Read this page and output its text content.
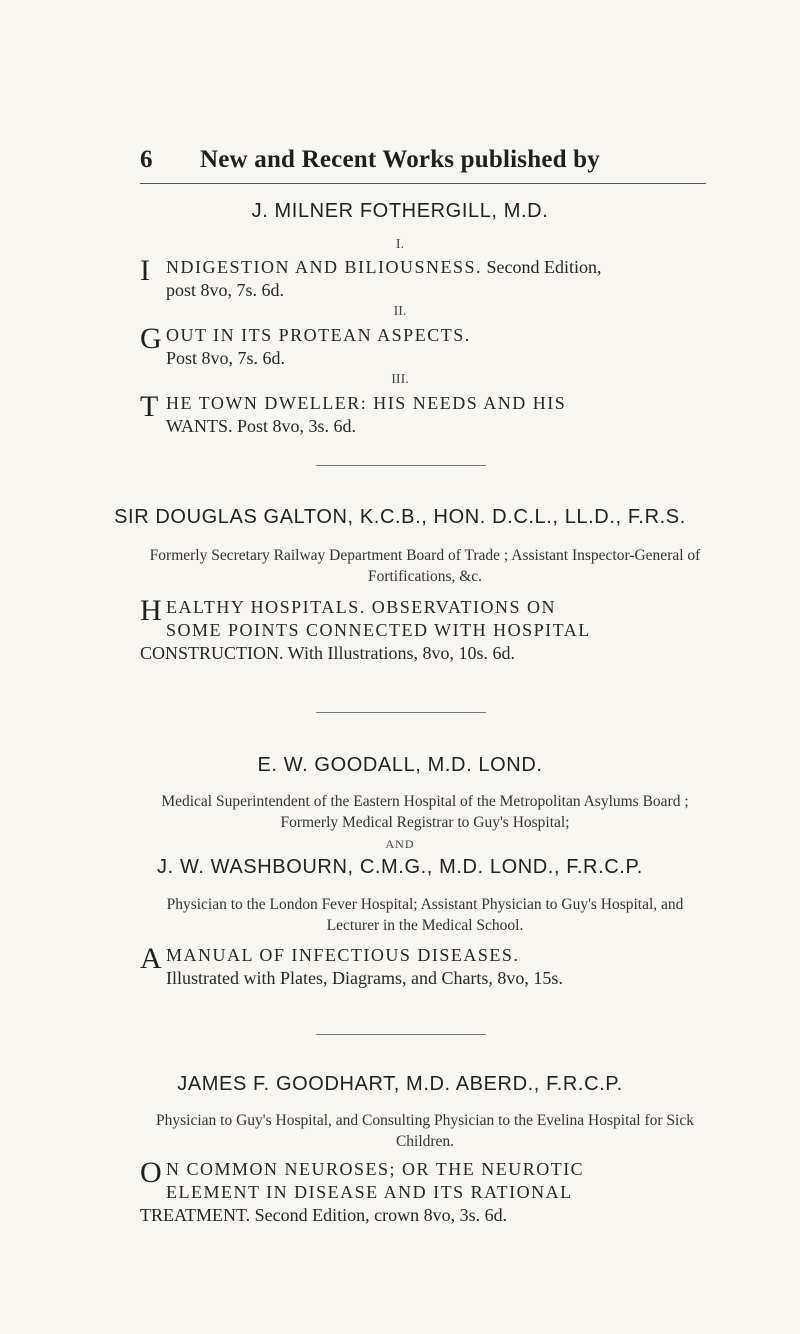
6 New and Recent Works published by
J. MILNER FOTHERGILL, M.D.
I.
I NDIGESTION AND BILIOUSNESS. Second Edition,
post 8vo, 7s. 6d.
II.
G OUT IN ITS PROTEAN ASPECTS.
Post 8vo, 7s. 6d.
III.
T HE TOWN DWELLER: HIS NEEDS AND HIS
WANTS. Post 8vo, 3s. 6d.
SIR DOUGLAS GALTON, K.C.B., HON. D.C.L., LL.D., F.R.S.
Formerly Secretary Railway Department Board of Trade ; Assistant Inspector-General of Fortifications, &c.
H EALTHY HOSPITALS. OBSERVATIONS ON
SOME POINTS CONNECTED WITH HOSPITAL
CONSTRUCTION. With Illustrations, 8vo, 10s. 6d.
E. W. GOODALL, M.D. LOND.
Medical Superintendent of the Eastern Hospital of the Metropolitan Asylums Board ; Formerly Medical Registrar to Guy's Hospital;
AND
J. W. WASHBOURN, C.M.G., M.D. LOND., F.R.C.P.
Physician to the London Fever Hospital; Assistant Physician to Guy's Hospital, and Lecturer in the Medical School.
A MANUAL OF INFECTIOUS DISEASES.
Illustrated with Plates, Diagrams, and Charts, 8vo, 15s.
JAMES F. GOODHART, M.D. ABERD., F.R.C.P.
Physician to Guy's Hospital, and Consulting Physician to the Evelina Hospital for Sick Children.
O N COMMON NEUROSES; OR THE NEUROTIC
ELEMENT IN DISEASE AND ITS RATIONAL
TREATMENT. Second Edition, crown 8vo, 3s. 6d.
